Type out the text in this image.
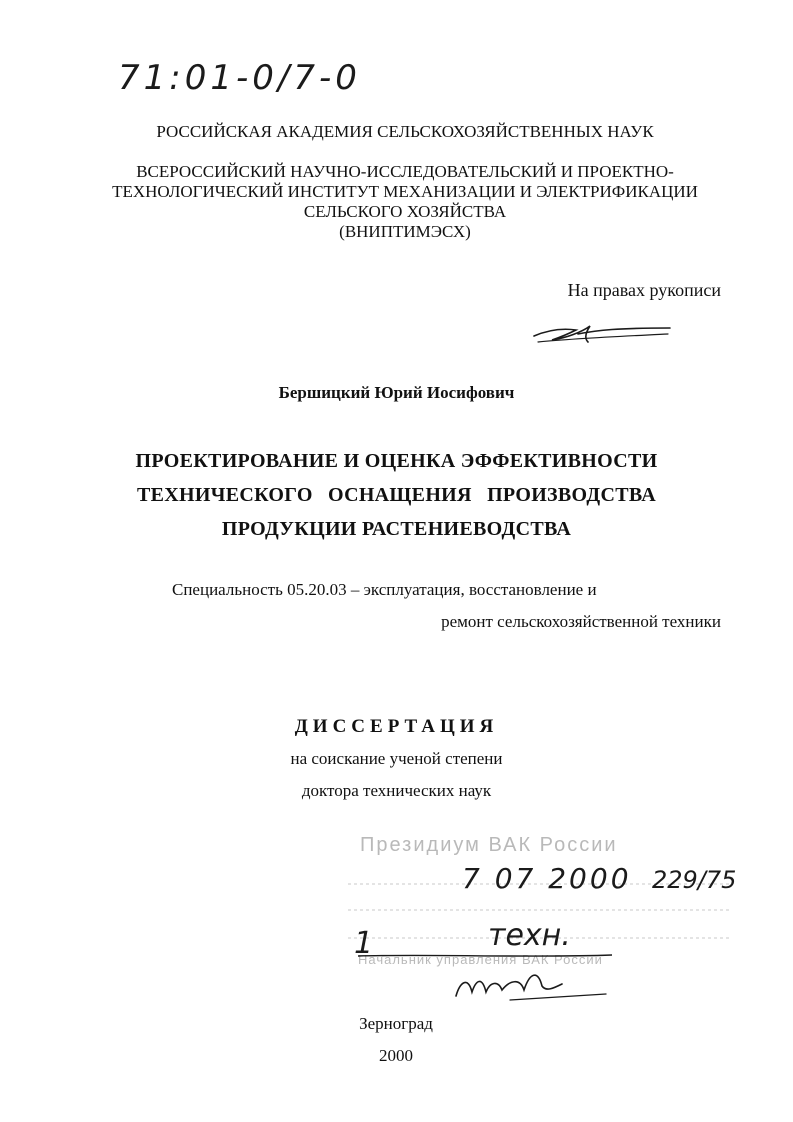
71:01-0/7-0
РОССИЙСКАЯ АКАДЕМИЯ СЕЛЬСКОХОЗЯЙСТВЕННЫХ НАУК
ВСЕРОССИЙСКИЙ НАУЧНО-ИССЛЕДОВАТЕЛЬСКИЙ И ПРОЕКТНО-
ТЕХНОЛОГИЧЕСКИЙ ИНСТИТУТ МЕХАНИЗАЦИИ И ЭЛЕКТРИФИКАЦИИ
СЕЛЬСКОГО ХОЗЯЙСТВА
(ВНИПТИМЭСХ)
На правах рукописи
Бершицкий Юрий Иосифович
ПРОЕКТИРОВАНИЕ И ОЦЕНКА ЭФФЕКТИВНОСТИ
ТЕХНИЧЕСКОГО ОСНАЩЕНИЯ ПРОИЗВОДСТВА
ПРОДУКЦИИ РАСТЕНИЕВОДСТВА
Специальность 05.20.03 – эксплуатация, восстановление и
ремонт сельскохозяйственной техники
ДИССЕРТАЦИЯ
на соискание ученой степени
доктора технических наук
Президиум ВАК России
Начальник управления ВАК России
7 07 2000 229/75
1	техн.
Зерноград
2000
